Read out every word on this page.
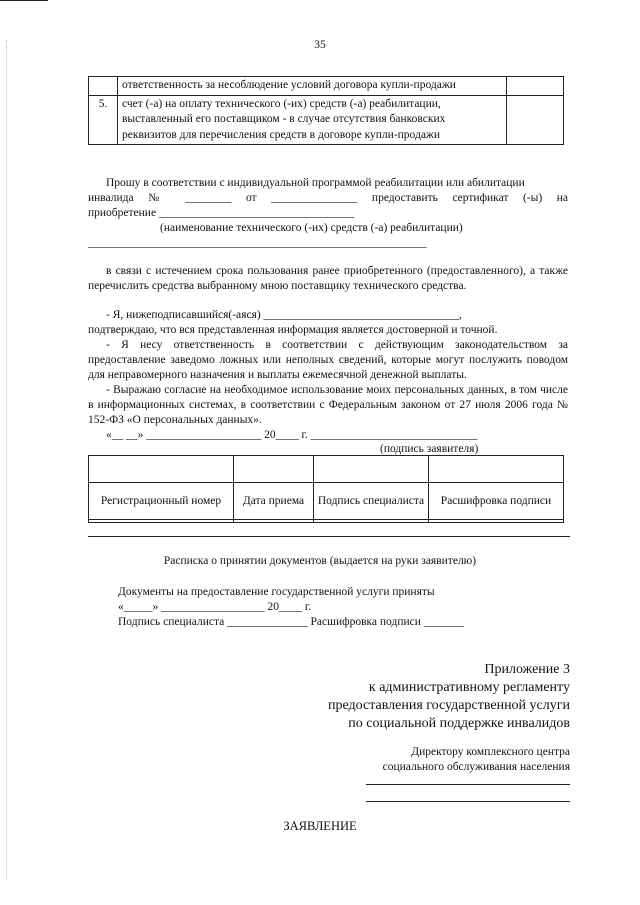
35
	ответственность за несоблюдение условий договора купли-продажи	
5.	счет (-а) на оплату технического (-их) средств (-а) реабилитации, выставленный его поставщиком - в случае отсутствия банковских реквизитов для перечисления средств в договоре купли-продажи	
Прошу в соответствии с индивидуальной программой реабилитации или абилитации
инвалида № ________ от _______________ предоставить сертификат (-ы) на
приобретение __________________________________
(наименование технического (-их) средств (-а) реабилитации)
______________________________________________________________
в связи с истечением срока пользования ранее приобретенного (предоставленного), а также перечислить средства выбранному мною поставщику технического средства.
- Я, нижеподписавшийся(-аяся) __________________________________,
подтверждаю, что вся представленная информация является достоверной и точной.
- Я несу ответственность в соответствии с действующим законодательством за предоставление заведомо ложных или неполных сведений, которые могут послужить поводом для неправомерного назначения и выплаты ежемесячной денежной выплаты.
- Выражаю согласие на необходимое использование моих персональных данных, в том числе в информационных системах, в соответствии с Федеральным законом от 27 июля 2006 года № 152-ФЗ «О персональных данных».
«__ __» ____________________ 20____ г. _____________________________
(подпись заявителя)

Регистрационный номер	Дата приема	Подпись специалиста	Расшифровка подписи

Расписка о принятии документов (выдается на руки заявителю)
Документы на предоставление государственной услуги приняты
«_____» __________________ 20____ г.
Подпись специалиста ______________ Расшифровка подписи _______
Приложение 3
к административному регламенту
предоставления государственной услуги
по социальной поддержке инвалидов
Директору комплексного центра
социального обслуживания населения
ЗАЯВЛЕНИЕ
